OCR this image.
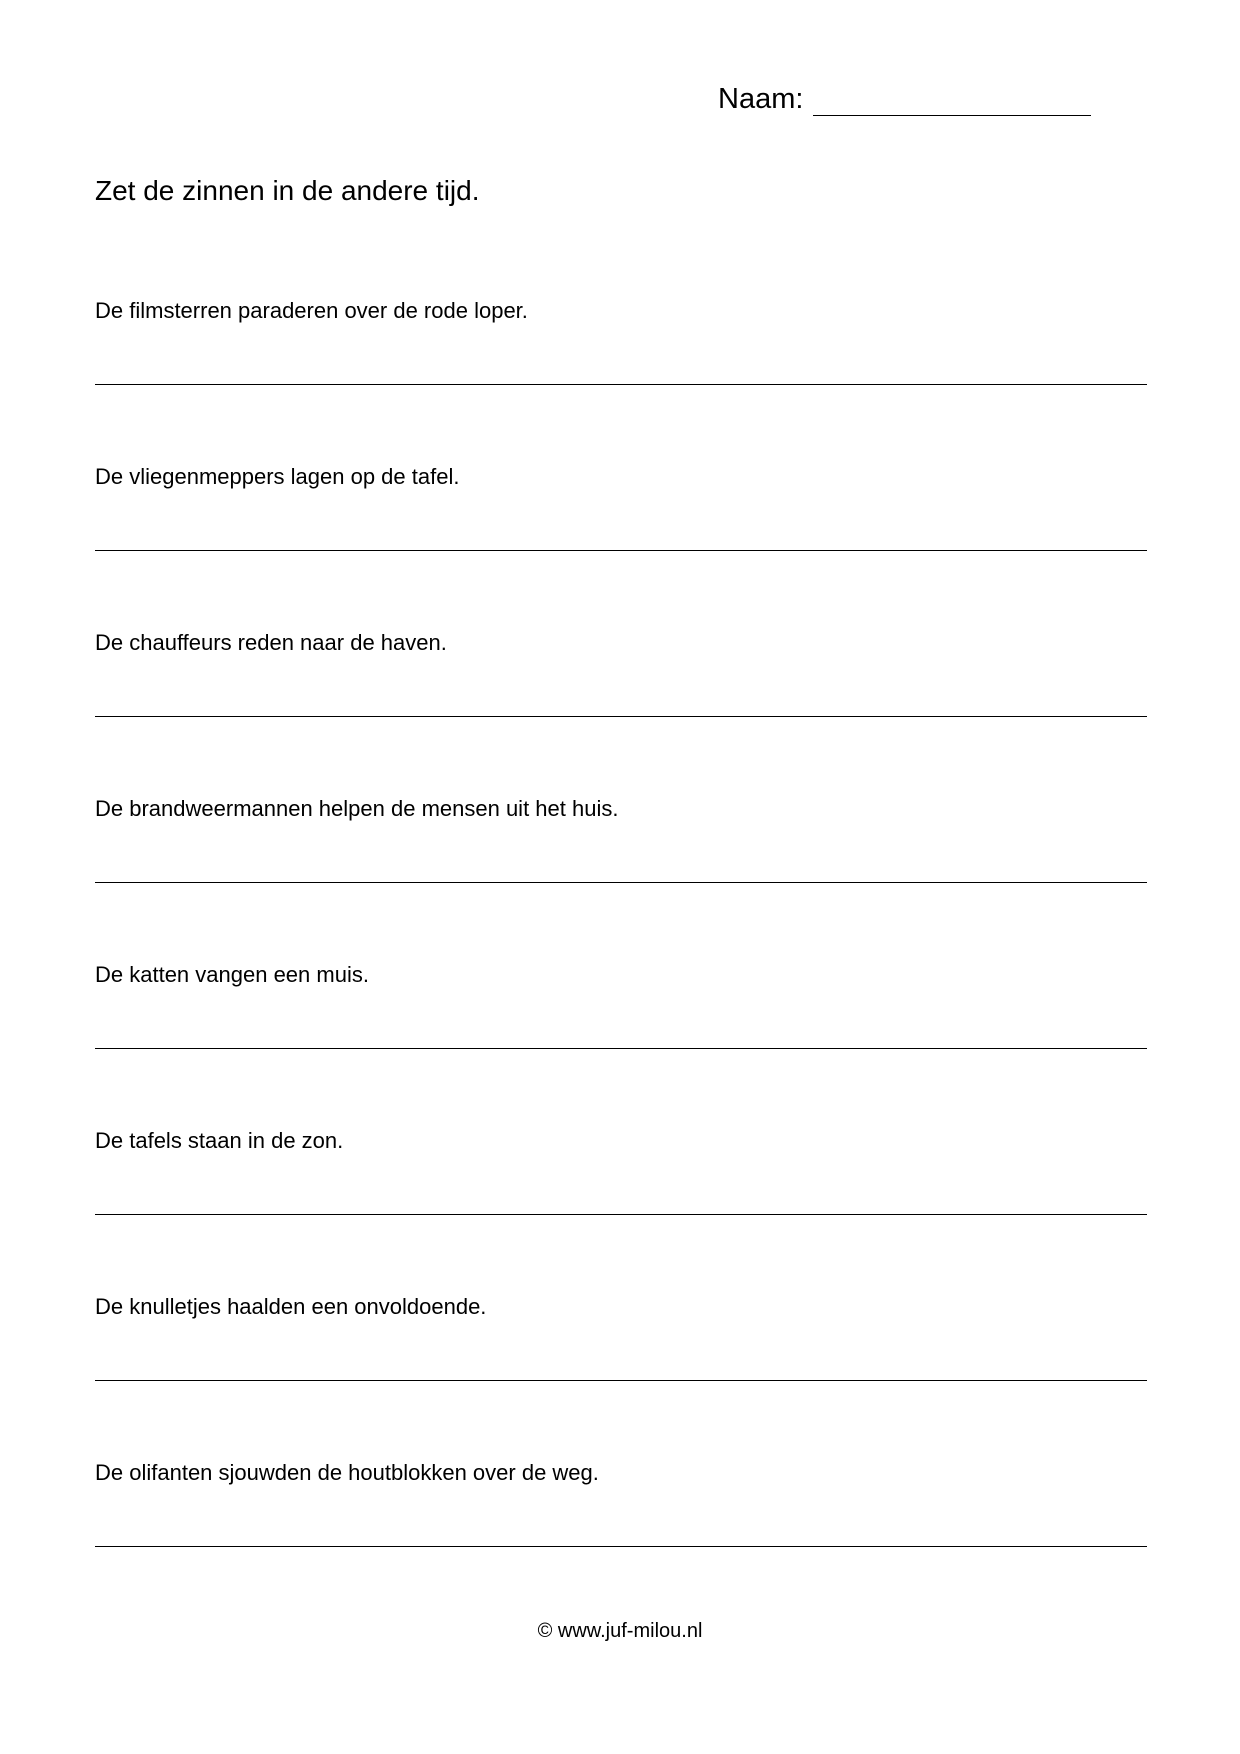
Naam:
Zet de zinnen in de andere tijd.
De filmsterren paraderen over de rode loper.
De vliegenmeppers lagen op de tafel.
De chauffeurs reden naar de haven.
De brandweermannen helpen de mensen uit het huis.
De katten vangen een muis.
De tafels staan in de zon.
De knulletjes haalden een onvoldoende.
De olifanten sjouwden de houtblokken over de weg.
© www.juf-milou.nl
